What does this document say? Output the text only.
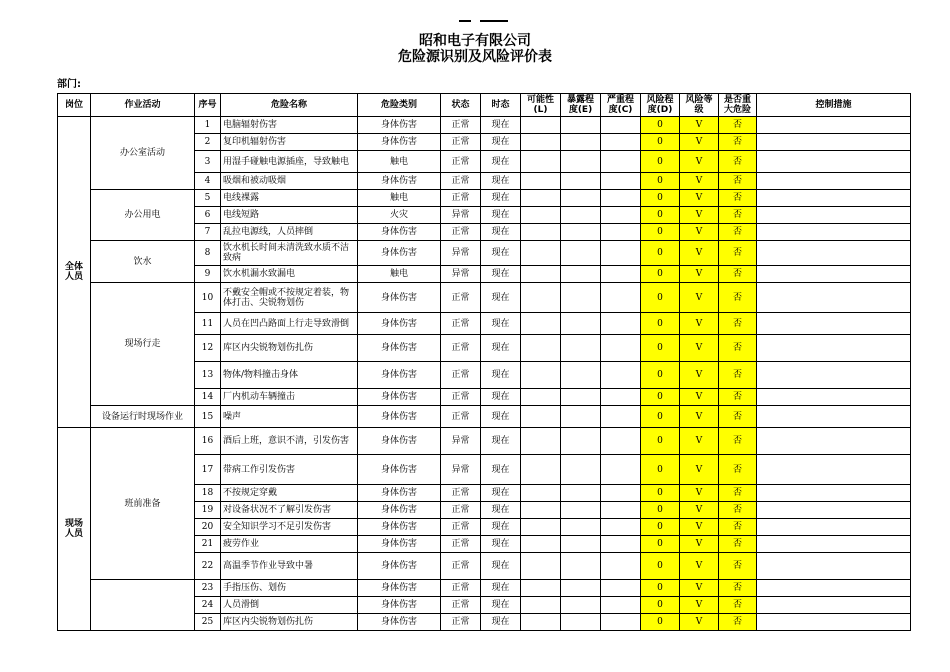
昭和电子有限公司
危险源识别及风险评价表
部门:
岗位	作业活动	序号	危险名称	危险类别	状态	时态	可能性(L)	暴露程度(E)	严重程度(C)	风险程度(D)	风险等级	是否重大危险	控制措施
全体人员	办公室活动	1	电脑辐射伤害	身体伤害	正常	现在				0	Ⅴ	否	
		2	复印机辐射伤害	身体伤害	正常	现在				0	Ⅴ	否	
		3	用湿手碰触电源插座，导致触电	触电	正常	现在				0	Ⅴ	否	
		4	吸烟和被动吸烟	身体伤害	正常	现在				0	Ⅴ	否	
	办公用电	5	电线裸露	触电	正常	现在				0	Ⅴ	否	
		6	电线短路	火灾	异常	现在				0	Ⅴ	否	
		7	乱拉电源线，人员摔倒	身体伤害	正常	现在				0	Ⅴ	否	
	饮水	8	饮水机长时间未清洗致水质不洁致病	身体伤害	异常	现在				0	Ⅴ	否	
		9	饮水机漏水致漏电	触电	异常	现在				0	Ⅴ	否	
	现场行走	10	不戴安全帽或不按规定着装，物体打击、尖锐物划伤	身体伤害	正常	现在				0	Ⅴ	否	
		11	人员在凹凸路面上行走导致滑倒	身体伤害	正常	现在				0	Ⅴ	否	
		12	库区内尖锐物划伤扎伤	身体伤害	正常	现在				0	Ⅴ	否	
		13	物体/物料撞击身体	身体伤害	正常	现在				0	Ⅴ	否	
		14	厂内机动车辆撞击	身体伤害	正常	现在				0	Ⅴ	否	
	设备运行时现场作业	15	噪声	身体伤害	正常	现在				0	Ⅴ	否	
现场人员	班前准备	16	酒后上班，意识不清，引发伤害	身体伤害	异常	现在				0	Ⅴ	否	
		17	带病工作引发伤害	身体伤害	异常	现在				0	Ⅴ	否	
		18	不按规定穿戴	身体伤害	正常	现在				0	Ⅴ	否	
		19	对设备状况不了解引发伤害	身体伤害	正常	现在				0	Ⅴ	否	
		20	安全知识学习不足引发伤害	身体伤害	正常	现在				0	Ⅴ	否	
		21	疲劳作业	身体伤害	正常	现在				0	Ⅴ	否	
		22	高温季节作业导致中暑	身体伤害	正常	现在				0	Ⅴ	否	
		23	手指压伤、划伤	身体伤害	正常	现在				0	Ⅴ	否	
		24	人员滑倒	身体伤害	正常	现在				0	Ⅴ	否	
		25	库区内尖锐物划伤扎伤	身体伤害	正常	现在				0	Ⅴ	否	
